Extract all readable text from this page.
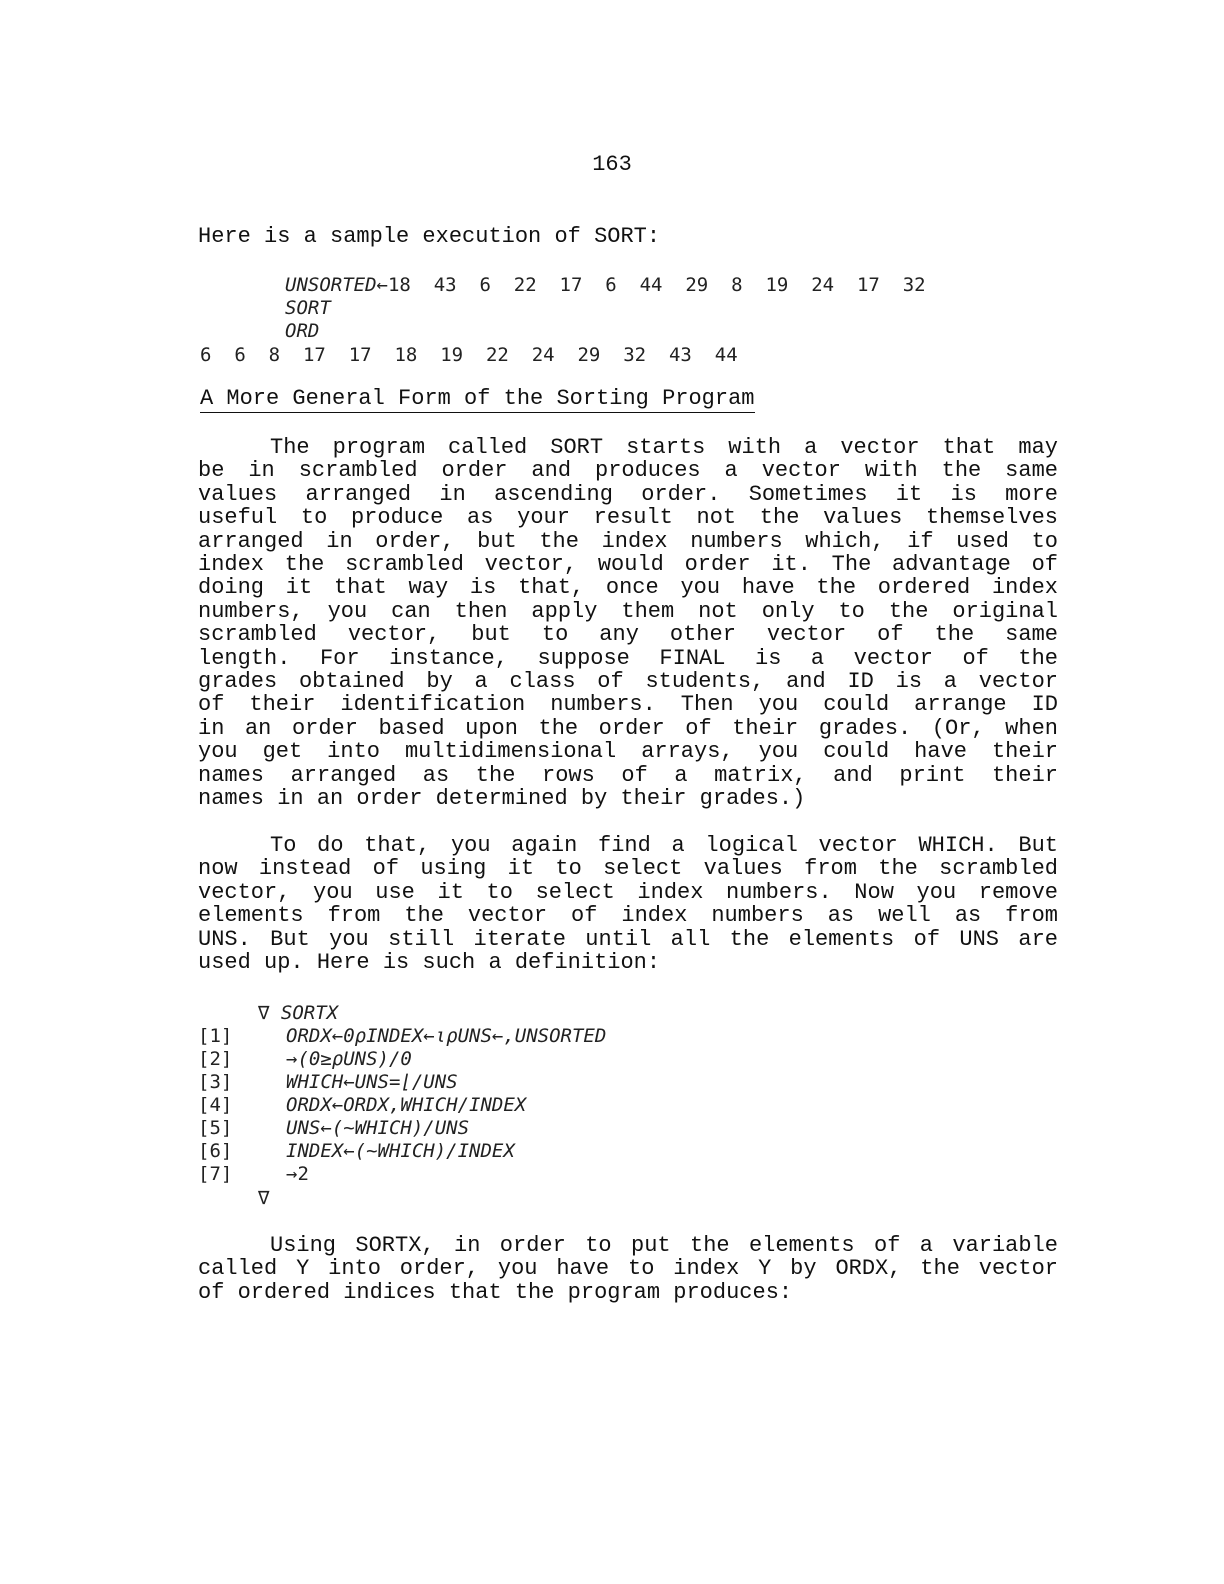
163
Here is a sample execution of SORT:
UNSORTED←18  43  6  22  17  6  44  29  8  19  24  17  32
SORT
ORD
6  6  8  17  17  18  19  22  24  29  32  43  44
A More General Form of the Sorting Program
The program called SORT starts with a vector that may
be in scrambled order and produces a vector with the same
values arranged in ascending order. Sometimes it is more
useful to produce as your result not the values themselves
arranged in order, but the index numbers which, if used to
index the scrambled vector, would order it. The advantage of
doing it that way is that, once you have the ordered index
numbers, you can then apply them not only to the original
scrambled vector, but to any other vector of the same
length. For instance, suppose FINAL is a vector of the
grades obtained by a class of students, and ID is a vector
of their identification numbers. Then you could arrange ID
in an order based upon the order of their grades. (Or, when
you get into multidimensional arrays, you could have their
names arranged as the rows of a matrix, and print their
names in an order determined by their grades.)
To do that, you again find a logical vector WHICH. But
now instead of using it to select values from the scrambled
vector, you use it to select index numbers. Now you remove
elements from the vector of index numbers as well as from
UNS. But you still iterate until all the elements of UNS are
used up. Here is such a definition:
∇ SORTX
[1]	ORDX←0ρINDEX←ιρUNS←,UNSORTED
[2]	→(0≥ρUNS)/0
[3]	WHICH←UNS=⌊/UNS
[4]	ORDX←ORDX,WHICH/INDEX
[5]	UNS←(~WHICH)/UNS
[6]	INDEX←(~WHICH)/INDEX
[7]	→2
∇
Using SORTX, in order to put the elements of a variable
called Y into order, you have to index Y by ORDX, the vector
of ordered indices that the program produces:
